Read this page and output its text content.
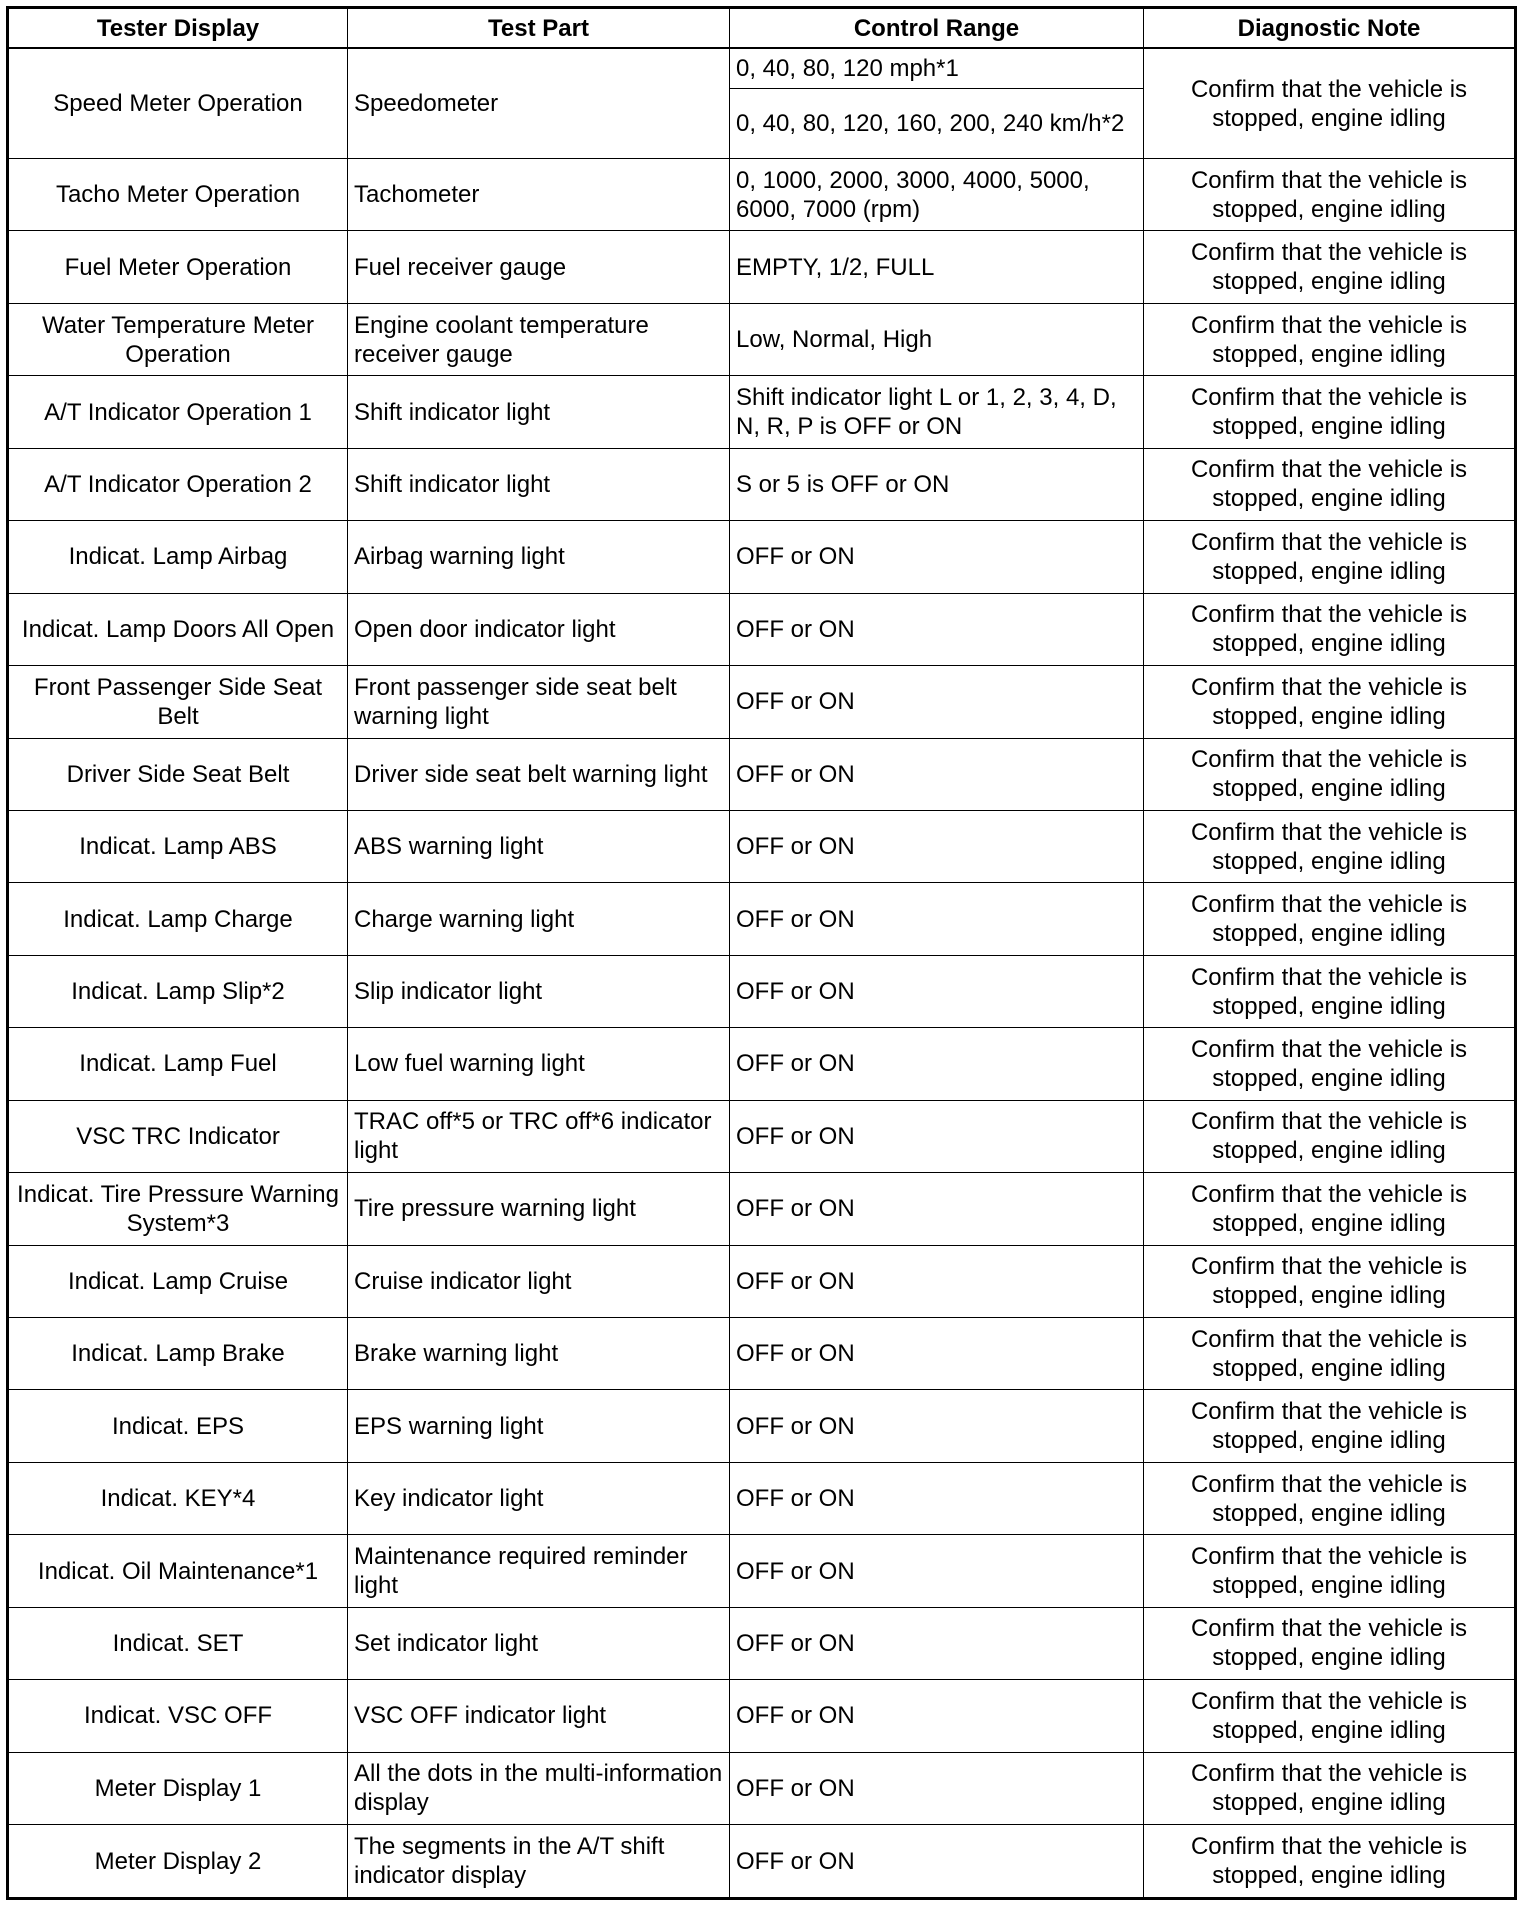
Tester Display	Test Part	Control Range	Diagnostic Note
Speed Meter Operation	Speedometer	0, 40, 80, 120 mph*1	Confirm that the vehicle is stopped, engine idling
		0, 40, 80, 120, 160, 200, 240 km/h*2	
Tacho Meter Operation	Tachometer	0, 1000, 2000, 3000, 4000, 5000, 6000, 7000 (rpm)	Confirm that the vehicle is stopped, engine idling
Fuel Meter Operation	Fuel receiver gauge	EMPTY, 1/2, FULL	Confirm that the vehicle is stopped, engine idling
Water Temperature Meter Operation	Engine coolant temperature receiver gauge	Low, Normal, High	Confirm that the vehicle is stopped, engine idling
A/T Indicator Operation 1	Shift indicator light	Shift indicator light L or 1, 2, 3, 4, D, N, R, P is OFF or ON	Confirm that the vehicle is stopped, engine idling
A/T Indicator Operation 2	Shift indicator light	S or 5 is OFF or ON	Confirm that the vehicle is stopped, engine idling
Indicat. Lamp Airbag	Airbag warning light	OFF or ON	Confirm that the vehicle is stopped, engine idling
Indicat. Lamp Doors All Open	Open door indicator light	OFF or ON	Confirm that the vehicle is stopped, engine idling
Front Passenger Side Seat Belt	Front passenger side seat belt warning light	OFF or ON	Confirm that the vehicle is stopped, engine idling
Driver Side Seat Belt	Driver side seat belt warning light	OFF or ON	Confirm that the vehicle is stopped, engine idling
Indicat. Lamp ABS	ABS warning light	OFF or ON	Confirm that the vehicle is stopped, engine idling
Indicat. Lamp Charge	Charge warning light	OFF or ON	Confirm that the vehicle is stopped, engine idling
Indicat. Lamp Slip*2	Slip indicator light	OFF or ON	Confirm that the vehicle is stopped, engine idling
Indicat. Lamp Fuel	Low fuel warning light	OFF or ON	Confirm that the vehicle is stopped, engine idling
VSC TRC Indicator	TRAC off*5 or TRC off*6 indicator light	OFF or ON	Confirm that the vehicle is stopped, engine idling
Indicat. Tire Pressure Warning System*3	Tire pressure warning light	OFF or ON	Confirm that the vehicle is stopped, engine idling
Indicat. Lamp Cruise	Cruise indicator light	OFF or ON	Confirm that the vehicle is stopped, engine idling
Indicat. Lamp Brake	Brake warning light	OFF or ON	Confirm that the vehicle is stopped, engine idling
Indicat. EPS	EPS warning light	OFF or ON	Confirm that the vehicle is stopped, engine idling
Indicat. KEY*4	Key indicator light	OFF or ON	Confirm that the vehicle is stopped, engine idling
Indicat. Oil Maintenance*1	Maintenance required reminder light	OFF or ON	Confirm that the vehicle is stopped, engine idling
Indicat. SET	Set indicator light	OFF or ON	Confirm that the vehicle is stopped, engine idling
Indicat. VSC OFF	VSC OFF indicator light	OFF or ON	Confirm that the vehicle is stopped, engine idling
Meter Display 1	All the dots in the multi-information display	OFF or ON	Confirm that the vehicle is stopped, engine idling
Meter Display 2	The segments in the A/T shift indicator display	OFF or ON	Confirm that the vehicle is stopped, engine idling
